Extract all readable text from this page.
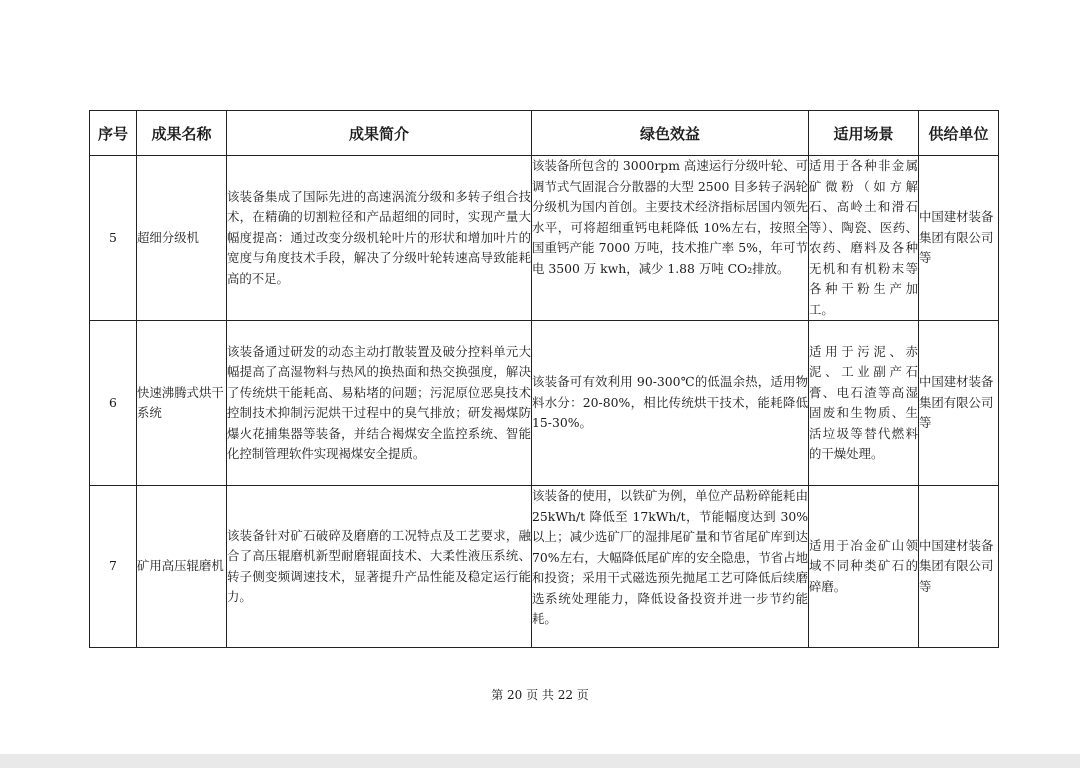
序号	成果名称	成果简介	绿色效益	适用场景	供给单位
5	超细分级机	该装备集成了国际先进的高速涡流分级和多转子组合技术，在精确的切割粒径和产品超细的同时，实现产量大幅度提高：通过改变分级机轮叶片的形状和增加叶片的宽度与角度技术手段，解决了分级叶轮转速高导致能耗高的不足。	该装备所包含的 3000rpm 高速运行分级叶轮、可调节式气固混合分散器的大型 2500 目多转子涡轮分级机为国内首创。主要技术经济指标居国内领先水平，可将超细重钙电耗降低 10%左右，按照全国重钙产能 7000 万吨，技术推广率 5%，年可节电 3500 万 kwh，减少 1.88 万吨 CO₂排放。	适用于各种非金属矿微粉（如方解石、高岭土和滑石等）、陶瓷、医药、农药、磨料及各种无机和有机粉末等各种干粉生产加工。	中国建材装备集团有限公司等
6	快速沸腾式烘干系统	该装备通过研发的动态主动打散装置及破分控料单元大幅提高了高湿物料与热风的换热面和热交换强度，解决了传统烘干能耗高、易粘堵的问题；污泥原位恶臭技术控制技术抑制污泥烘干过程中的臭气排放；研发褐煤防爆火花捕集器等装备，并结合褐煤安全监控系统、智能化控制管理软件实现褐煤安全提质。	该装备可有效利用 90-300℃的低温余热，适用物料水分：20-80%，相比传统烘干技术，能耗降低 15-30%。	适用于污泥、赤泥、工业副产石膏、电石渣等高湿固废和生物质、生活垃圾等替代燃料的干燥处理。	中国建材装备集团有限公司等
7	矿用高压辊磨机	该装备针对矿石破碎及磨磨的工况特点及工艺要求，融合了高压辊磨机新型耐磨辊面技术、大柔性液压系统、转子侧变频调速技术，显著提升产品性能及稳定运行能力。	该装备的使用，以铁矿为例，单位产品粉碎能耗由 25kWh/t 降低至 17kWh/t，节能幅度达到 30%以上；减少选矿厂的湿排尾矿量和节省尾矿库到达 70%左右，大幅降低尾矿库的安全隐患，节省占地和投资；采用干式磁选预先抛尾工艺可降低后续磨选系统处理能力，降低设备投资并进一步节约能耗。	适用于冶金矿山领域不同种类矿石的碎磨。	中国建材装备集团有限公司等
第 20 页 共 22 页
